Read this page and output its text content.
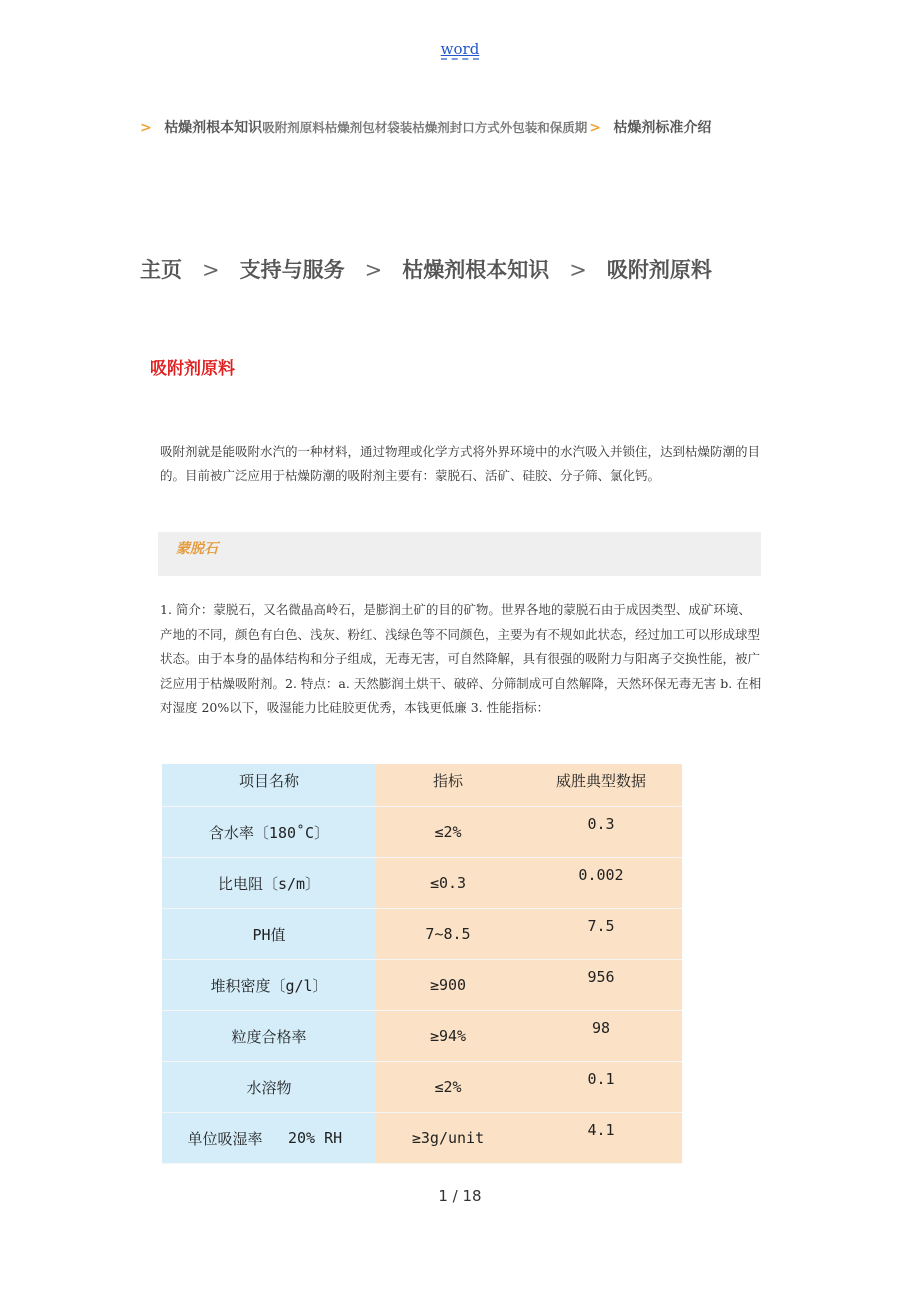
word
> 枯燥剂根本知识吸附剂原料枯燥剂包材袋装枯燥剂封口方式外包装和保质期 > 枯燥剂标准介绍
主页 > 支持与服务 > 枯燥剂根本知识 > 吸附剂原料
吸附剂原料
吸附剂就是能吸附水汽的一种材料，通过物理或化学方式将外界环境中的水汽吸入并锁住，达到枯燥防潮的目的。目前被广泛应用于枯燥防潮的吸附剂主要有：蒙脱石、活矿、硅胶、分子筛、氯化钙。
蒙脱石
1. 简介：蒙脱石，又名微晶高岭石，是膨润土矿的目的矿物。世界各地的蒙脱石由于成因类型、成矿环境、产地的不同，颜色有白色、浅灰、粉红、浅绿色等不同颜色，主要为有不规如此状态，经过加工可以形成球型状态。由于本身的晶体结构和分子组成，无毒无害，可自然降解，具有很强的吸附力与阳离子交换性能，被广泛应用于枯燥吸附剂。2. 特点：a. 天然膨润土烘干、破碎、分筛制成可自然解降，天然环保无毒无害 b. 在相对湿度 20%以下，吸湿能力比硅胶更优秀，本钱更低廉 3. 性能指标：
项目名称	指标	威胜典型数据
含水率〔180˚C〕	≤2%	0.3
比电阻〔s/m〕	≤0.3	0.002
PH值	7~8.5	7.5
堆积密度〔g/l〕	≥900	956
粒度合格率	≥94%	98
水溶物	≤2%	0.1

单位吸湿率 20% RH	≥3g/unit	4.1
1 / 18
